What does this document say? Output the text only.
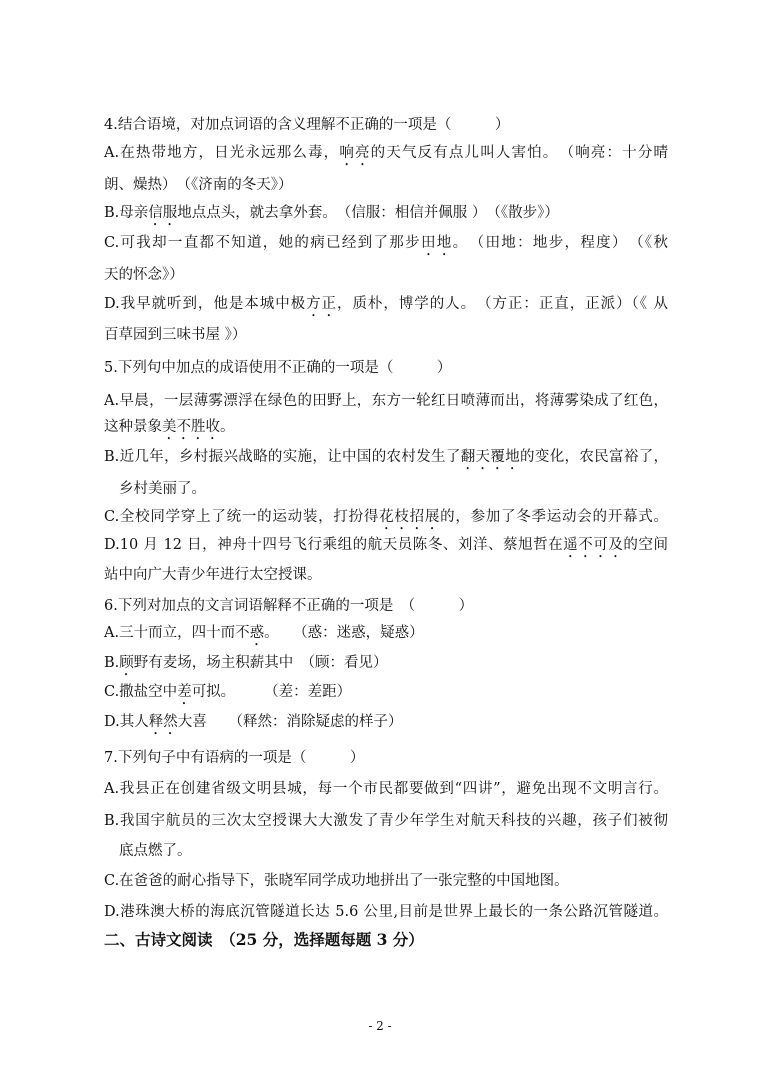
4.结合语境，对加点词语的含义理解不正确的一项是（　　　）
A.在热带地方，日光永远那么毒，响亮的天气反有点儿叫人害怕。　（响亮：十分晴
朗、燥热）　（《济南的冬天》）
B.母亲信服地点点头，就去拿外套。　（信服：相信并佩服 ）　（《散步》）
C.可我却一直都不知道，她的病已经到了那步田地。　（田地：地步，程度）　（《秋
天的怀念》）
D.我早就听到，他是本城中极方正，质朴，博学的人。　（方正：正直，正派）（《 从
百草园到三味书屋 》）
5.下列句中加点的成语使用不正确的一项是（　　　）
A.早晨，一层薄雾漂浮在绿色的田野上，东方一轮红日喷薄而出，将薄雾染成了红色，
这种景象美不胜收。
B.近几年，乡村振兴战略的实施，让中国的农村发生了翻天覆地的变化，农民富裕了，
乡村美丽了。
C.全校同学穿上了统一的运动装，打扮得花枝招展的，参加了冬季运动会的开幕式。
D.10 月 12 日，神舟十四号飞行乘组的航天员陈冬、刘洋、蔡旭哲在遥不可及的空间
站中向广大青少年进行太空授课。
6.下列对加点的文言词语解释不正确的一项是　（　　　）
A.三十而立，四十而不惑。　　（惑：迷惑，疑惑）
B.顾野有麦场，场主积薪其中　（顾：看见）
C.撒盐空中差可拟。　　　（差：差距）
D.其人释然大喜　　（释然：消除疑虑的样子）
7.下列句子中有语病的一项是（　　　）
A.我县正在创建省级文明县城，每一个市民都要做到“四讲”，避免出现不文明言行。
B.我国宇航员的三次太空授课大大激发了青少年学生对航天科技的兴趣，孩子们被彻
底点燃了。
C.在爸爸的耐心指导下，张晓军同学成功地拼出了一张完整的中国地图。
D.港珠澳大桥的海底沉管隧道长达 5.6 公里,目前是世界上最长的一条公路沉管隧道。
二、古诗文阅读　（25 分，选择题每题 3 分）
- 2 -
